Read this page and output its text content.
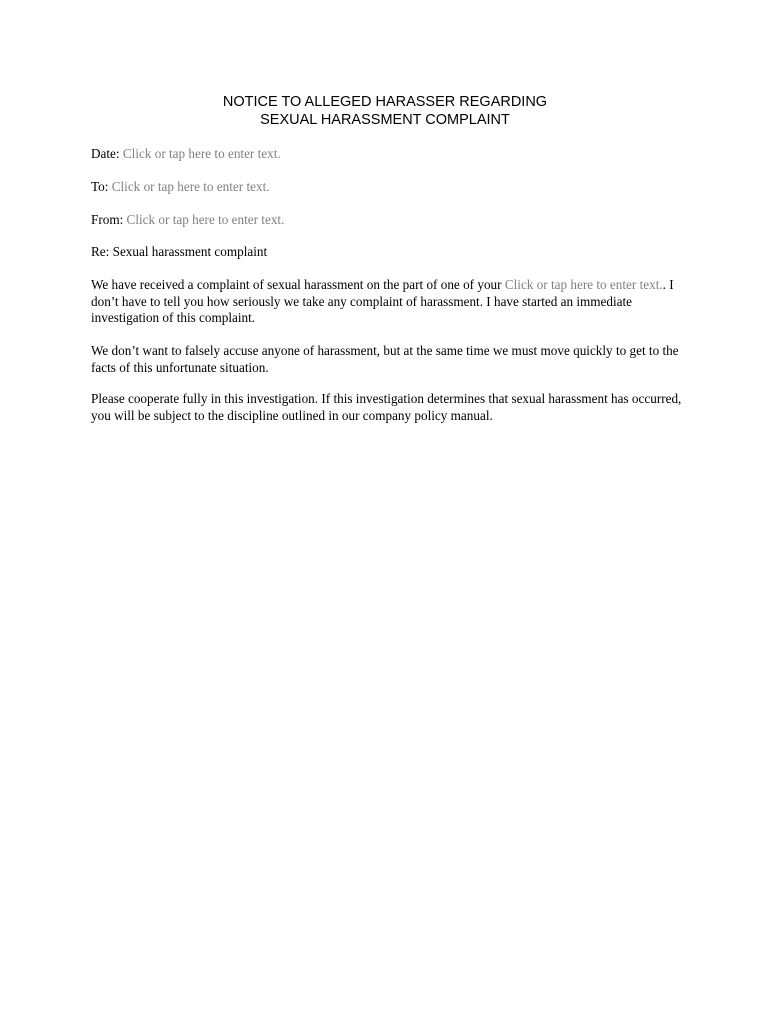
NOTICE TO ALLEGED HARASSER REGARDING
SEXUAL HARASSMENT COMPLAINT
Date: Click or tap here to enter text.
To: Click or tap here to enter text.
From: Click or tap here to enter text.
Re: Sexual harassment complaint
We have received a complaint of sexual harassment on the part of one of your Click or tap here to enter text.. I don’t have to tell you how seriously we take any complaint of harassment. I have started an immediate investigation of this complaint.
We don’t want to falsely accuse anyone of harassment, but at the same time we must move quickly to get to the facts of this unfortunate situation.
Please cooperate fully in this investigation. If this investigation determines that sexual harassment has occurred, you will be subject to the discipline outlined in our company policy manual.
